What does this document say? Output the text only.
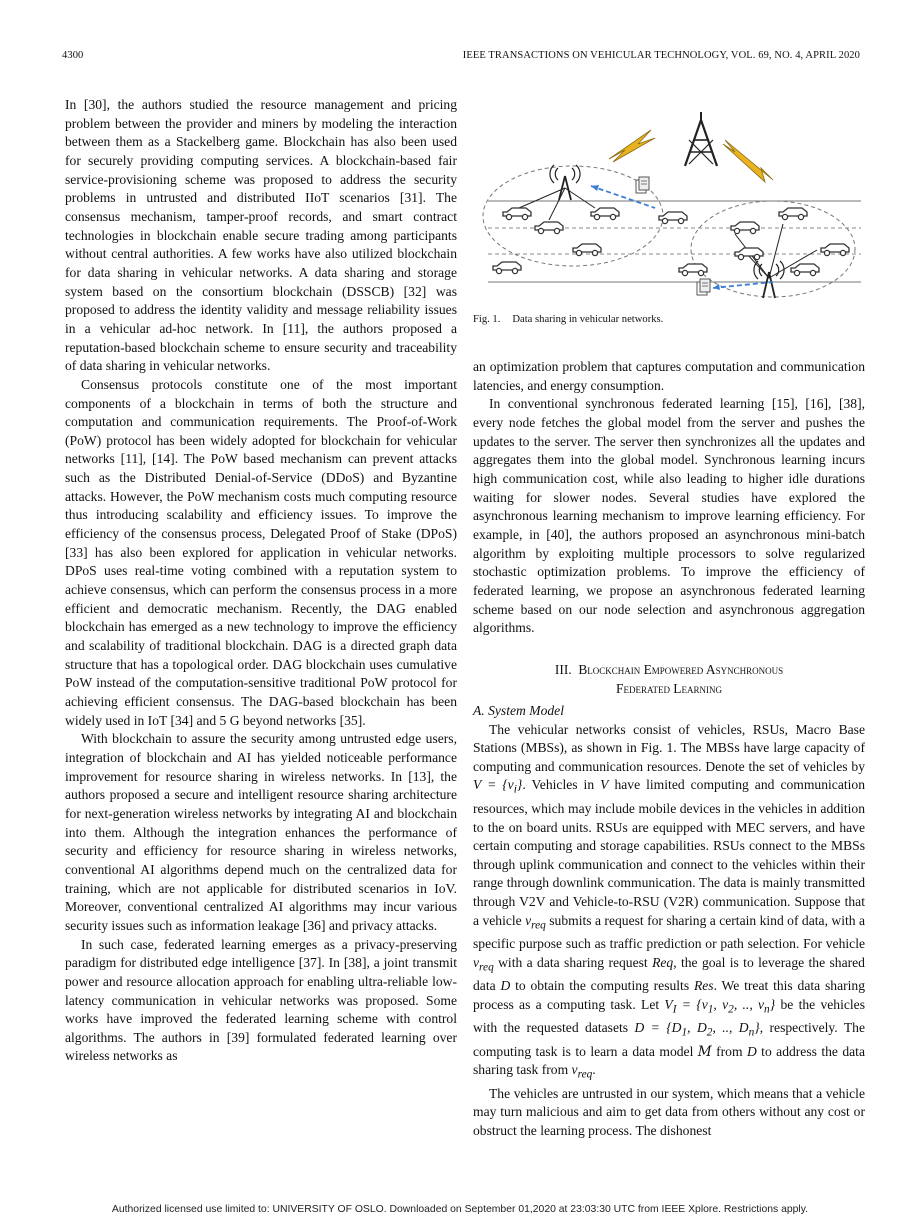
4300	IEEE TRANSACTIONS ON VEHICULAR TECHNOLOGY, VOL. 69, NO. 4, APRIL 2020

In [30], the authors studied the resource management and pricing problem between the provider and miners by modeling the interaction between them as a Stackelberg game. Blockchain has also been used for securely providing computing services. A blockchain-based fair service-provisioning scheme was proposed to address the security problems in untrusted and distributed IIoT scenarios [31]. The consensus mechanism, tamper-proof records, and smart contract technologies in blockchain enable secure trading among participants without central authorities. A few works have also utilized blockchain for data sharing in vehicular networks. A data sharing and storage system based on the consortium blockchain (DSSCB) [32] was proposed to address the identity validity and message reliability issues in a vehicular ad-hoc network. In [11], the authors proposed a reputation-based blockchain scheme to ensure security and traceability of data sharing in vehicular networks.

Consensus protocols constitute one of the most important components of a blockchain in terms of both the structure and computation and communication requirements. The Proof-of-Work (PoW) protocol has been widely adopted for blockchain for vehicular networks [11], [14]. The PoW based mechanism can prevent attacks such as the Distributed Denial-of-Service (DDoS) and Byzantine attacks. However, the PoW mechanism costs much computing resource thus introducing scalability and efficiency issues. To improve the efficiency of the consensus process, Delegated Proof of Stake (DPoS) [33] has also been explored for application in vehicular networks. DPoS uses real-time voting combined with a reputation system to achieve consensus, which can perform the consensus process in a more efficient and democratic mechanism. Recently, the DAG enabled blockchain has emerged as a new technology to improve the efficiency and scalability of traditional blockchain. DAG is a directed graph data structure that has a topological order. DAG blockchain uses cumulative PoW instead of the computation-sensitive traditional PoW protocol for achieving efficient consensus. The DAG-based blockchain has been widely used in IoT [34] and 5 G beyond networks [35].

With blockchain to assure the security among untrusted edge users, integration of blockchain and AI has yielded noticeable performance improvement for resource sharing in wireless networks. In [13], the authors proposed a secure and intelligent resource sharing architecture for next-generation wireless networks by integrating AI and blockchain into them. Although the integration enhances the performance of security and efficiency for resource sharing in wireless networks, conventional AI algorithms depend much on the centralized data for training, which are not applicable for distributed scenarios in IoV. Moreover, conventional centralized AI algorithms may incur various security issues such as information leakage [36] and privacy attacks.

In such case, federated learning emerges as a privacy-preserving paradigm for distributed edge intelligence [37]. In [38], a joint transmit power and resource allocation approach for enabling ultra-reliable low-latency communication in vehicular networks was proposed. Some works have improved the federated learning scheme with control algorithms. The authors in [39] formulated federated learning over wireless networks as

Fig. 1. Data sharing in vehicular networks.

an optimization problem that captures computation and communication latencies, and energy consumption.

In conventional synchronous federated learning [15], [16], [38], every node fetches the global model from the server and pushes the updates to the server. The server then synchronizes all the updates and aggregates them into the global model. Synchronous learning incurs high communication cost, while also leading to higher idle durations waiting for slower nodes. Several studies have explored the asynchronous learning mechanism to improve learning efficiency. For example, in [40], the authors proposed an asynchronous mini-batch algorithm by exploiting multiple processors to solve regularized stochastic optimization problems. To improve the efficiency of federated learning, we propose an asynchronous federated learning scheme based on our node selection and asynchronous aggregation algorithms.

III. Blockchain Empowered Asynchronous
Federated Learning

A. System Model

The vehicular networks consist of vehicles, RSUs, Macro Base Stations (MBSs), as shown in Fig. 1. The MBSs have large capacity of computing and communication resources. Denote the set of vehicles by $V = \{v_i\}$. Vehicles in V have limited computing and communication resources, which may include mobile devices in the vehicles in addition to the on board units. RSUs are equipped with MEC servers, and have certain computing and storage capabilities. RSUs connect to the MBSs through uplink communication and connect to the vehicles within their range through downlink communication. The data is mainly transmitted through V2V and Vehicle-to-RSU (V2R) communication. Suppose that a vehicle $v_{req}$ submits a request for sharing a certain kind of data, with a specific purpose such as traffic prediction or path selection. For vehicle $v_{req}$ with a data sharing request Req, the goal is to leverage the shared data D to obtain the computing results Res. We treat this data sharing process as a computing task. Let $V_I = \{v_1$, $v_2$, .., $v_n$} be the vehicles with the requested datasets $D = \{D_1$, $D_2$, .., $D_n$}, respectively. The computing task is to learn a data model M from D to address the data sharing task from $v_{req}$.

The vehicles are untrusted in our system, which means that a vehicle may turn malicious and aim to get data from others without any cost or obstruct the learning process. The dishonest

Authorized licensed use limited to: UNIVERSITY OF OSLO. Downloaded on September 01,2020 at 23:03:30 UTC from IEEE Xplore. Restrictions apply.
